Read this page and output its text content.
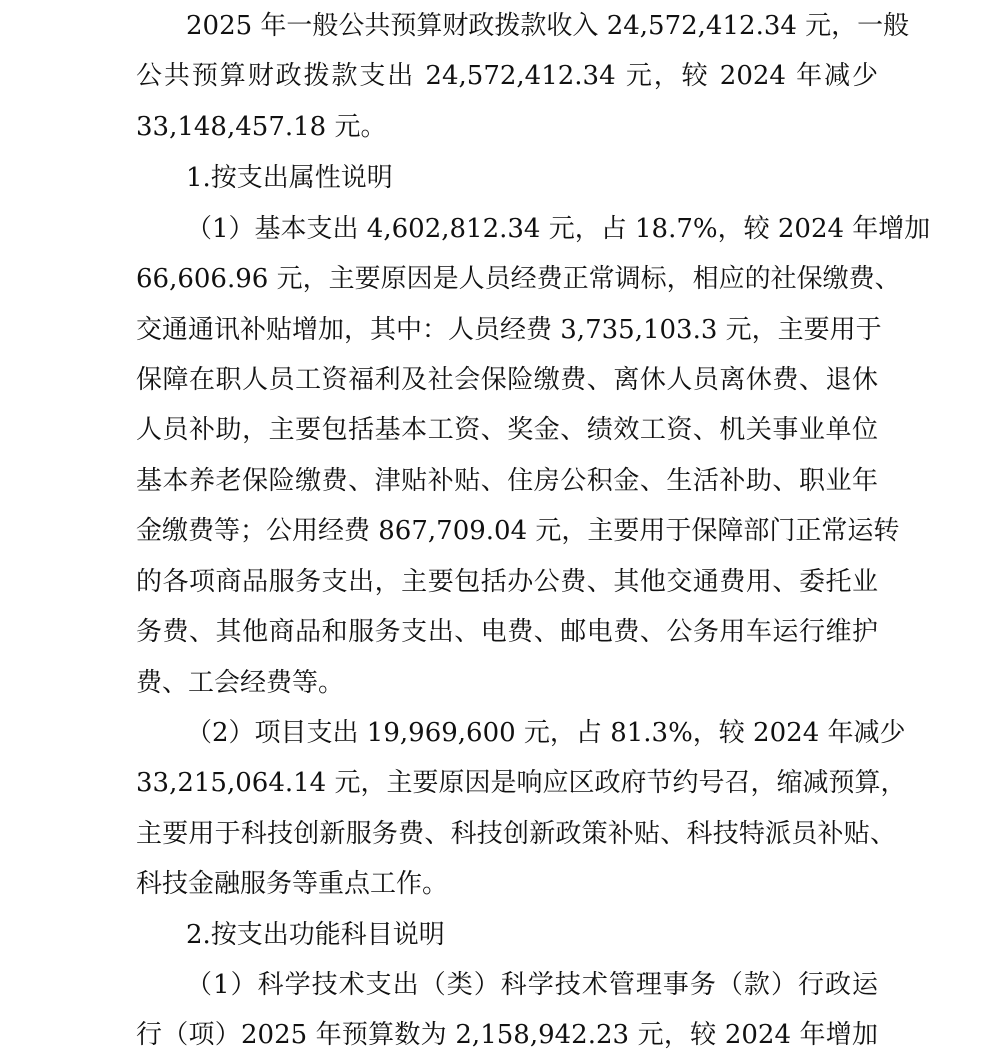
2025 年一般公共预算财政拨款收入 24,572,412.34 元，一般
公共预算财政拨款支出 24,572,412.34 元，较 2024 年减少
33,148,457.18 元。
1.按支出属性说明
（1）基本支出 4,602,812.34 元，占 18.7%，较 2024 年增加
66,606.96 元，主要原因是人员经费正常调标，相应的社保缴费、
交通通讯补贴增加，其中：人员经费 3,735,103.3 元，主要用于
保障在职人员工资福利及社会保险缴费、离休人员离休费、退休
人员补助，主要包括基本工资、奖金、绩效工资、机关事业单位
基本养老保险缴费、津贴补贴、住房公积金、生活补助、职业年
金缴费等；公用经费 867,709.04 元，主要用于保障部门正常运转
的各项商品服务支出，主要包括办公费、其他交通费用、委托业
务费、其他商品和服务支出、电费、邮电费、公务用车运行维护
费、工会经费等。
（2）项目支出 19,969,600 元，占 81.3%，较 2024 年减少
33,215,064.14 元，主要原因是响应区政府节约号召，缩减预算，
主要用于科技创新服务费、科技创新政策补贴、科技特派员补贴、
科技金融服务等重点工作。
2.按支出功能科目说明
（1）科学技术支出（类）科学技术管理事务（款）行政运
行（项）2025 年预算数为 2,158,942.23 元，较 2024 年增加
